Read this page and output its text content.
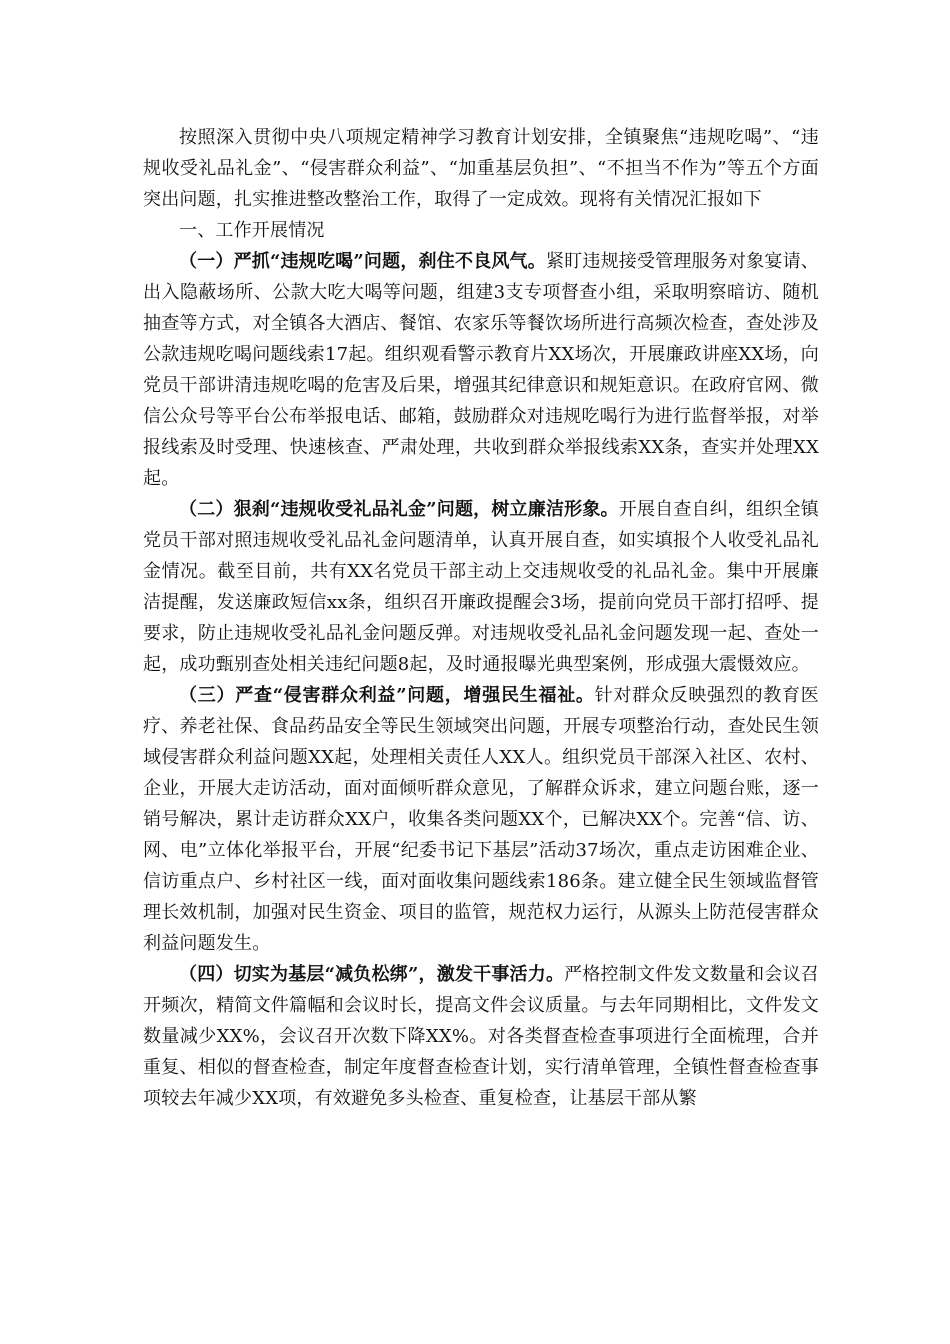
按照深入贯彻中央八项规定精神学习教育计划安排，全镇聚焦“违规吃喝”、“违规收受礼品礼金”、“侵害群众利益”、“加重基层负担”、“不担当不作为”等五个方面突出问题，扎实推进整改整治工作，取得了一定成效。现将有关情况汇报如下

一、工作开展情况

（一）严抓“违规吃喝”问题，刹住不良风气。紧盯违规接受管理服务对象宴请、出入隐蔽场所、公款大吃大喝等问题，组建3支专项督查小组，采取明察暗访、随机抽查等方式，对全镇各大酒店、餐馆、农家乐等餐饮场所进行高频次检查，查处涉及公款违规吃喝问题线索17起。组织观看警示教育片XX场次，开展廉政讲座XX场，向党员干部讲清违规吃喝的危害及后果，增强其纪律意识和规矩意识。在政府官网、微信公众号等平台公布举报电话、邮箱，鼓励群众对违规吃喝行为进行监督举报，对举报线索及时受理、快速核查、严肃处理，共收到群众举报线索XX条，查实并处理XX起。

（二）狠刹“违规收受礼品礼金”问题，树立廉洁形象。开展自查自纠，组织全镇党员干部对照违规收受礼品礼金问题清单，认真开展自查，如实填报个人收受礼品礼金情况。截至目前，共有XX名党员干部主动上交违规收受的礼品礼金。集中开展廉洁提醒，发送廉政短信xx条，组织召开廉政提醒会3场，提前向党员干部打招呼、提要求，防止违规收受礼品礼金问题反弹。对违规收受礼品礼金问题发现一起、查处一起，成功甄别查处相关违纪问题8起，及时通报曝光典型案例，形成强大震慑效应。

（三）严查“侵害群众利益”问题，增强民生福祉。针对群众反映强烈的教育医疗、养老社保、食品药品安全等民生领域突出问题，开展专项整治行动，查处民生领域侵害群众利益问题XX起，处理相关责任人XX人。组织党员干部深入社区、农村、企业，开展大走访活动，面对面倾听群众意见，了解群众诉求，建立问题台账，逐一销号解决，累计走访群众XX户，收集各类问题XX个，已解决XX个。完善“信、访、网、电”立体化举报平台，开展“纪委书记下基层”活动37场次，重点走访困难企业、信访重点户、乡村社区一线，面对面收集问题线索186条。建立健全民生领域监督管理长效机制，加强对民生资金、项目的监管，规范权力运行，从源头上防范侵害群众利益问题发生。

（四）切实为基层“减负松绑”，激发干事活力。严格控制文件发文数量和会议召开频次，精简文件篇幅和会议时长，提高文件会议质量。与去年同期相比，文件发文数量减少XX%，会议召开次数下降XX%。对各类督查检查事项进行全面梳理，合并重复、相似的督查检查，制定年度督查检查计划，实行清单管理，全镇性督查检查事项较去年减少XX项，有效避免多头检查、重复检查，让基层干部从繁
